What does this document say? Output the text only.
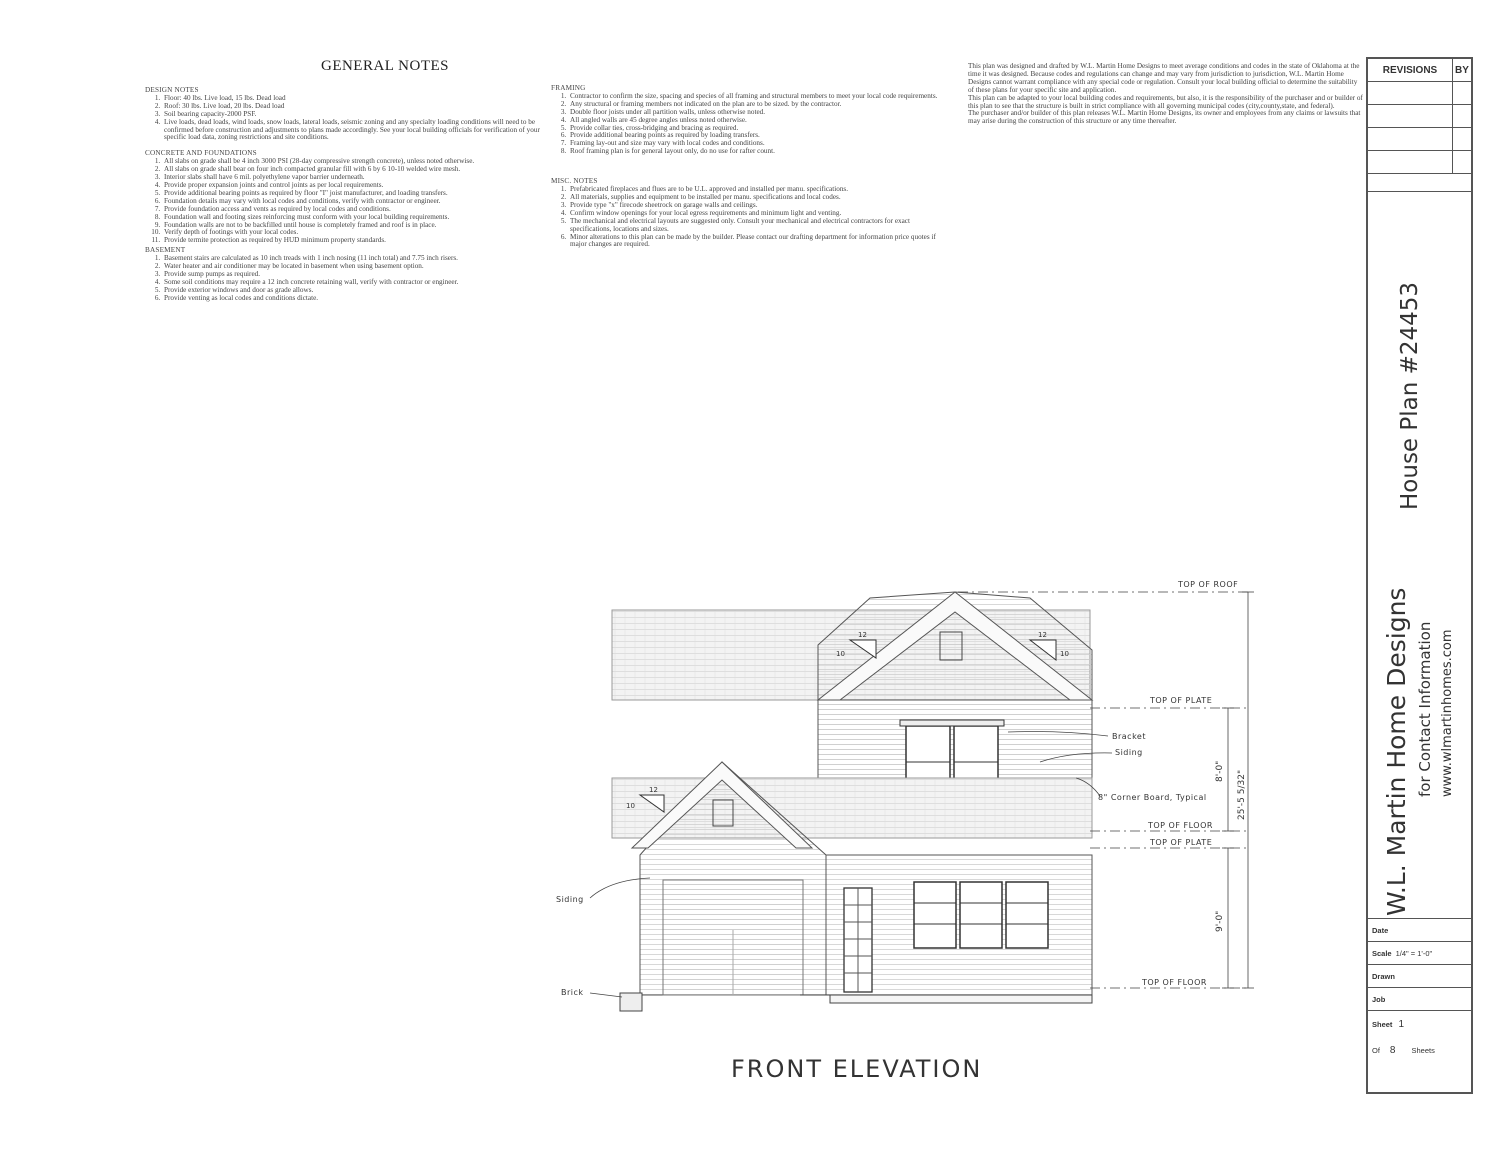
GENERAL NOTES
DESIGN NOTES
1. Floor: 40 lbs. Live load, 15 lbs. Dead load
2. Roof: 30 lbs. Live load, 20 lbs. Dead load
3. Soil bearing capacity-2000 PSF.
4. Live loads, dead loads, wind loads, snow loads, lateral loads, seismic zoning and any specialty loading conditions will need to be confirmed before construction and adjustments to plans made accordingly. See your local building officials for verification of your specific load data, zoning restrictions and site conditions.
CONCRETE AND FOUNDATIONS
1. All slabs on grade shall be 4 inch 3000 PSI (28-day compressive strength concrete), unless noted otherwise.
2. All slabs on grade shall bear on four inch compacted granular fill with 6 by 6 10-10 welded wire mesh.
3. Interior slabs shall have 6 mil. polyethylene vapor barrier underneath.
4. Provide proper expansion joints and control joints as per local requirements.
5. Provide additional bearing points as required by floor "I" joist manufacturer, and loading transfers.
6. Foundation details may vary with local codes and conditions, verify with contractor or engineer.
7. Provide foundation access and vents as required by local codes and conditions.
8. Foundation wall and footing sizes reinforcing must conform with your local building requirements.
9. Foundation walls are not to be backfilled until house is completely framed and roof is in place.
10. Verify depth of footings with your local codes.
11. Provide termite protection as required by HUD minimum property standards.
BASEMENT
1. Basement stairs are calculated as 10 inch treads with 1 inch nosing (11 inch total) and 7.75 inch risers.
2. Water heater and air conditioner may be located in basement when using basement option.
3. Provide sump pumps as required.
4. Some soil conditions may require a 12 inch concrete retaining wall, verify with contractor or engineer.
5. Provide exterior windows and door as grade allows.
6. Provide venting as local codes and conditions dictate.
FRAMING
1. Contractor to confirm the size, spacing and species of all framing and structural members to meet your local code requirements.
2. Any structural or framing members not indicated on the plan are to be sized. by the contractor.
3. Double floor joists under all partition walls, unless otherwise noted.
4. All angled walls are 45 degree angles unless noted otherwise.
5. Provide collar ties, cross-bridging and bracing as required.
6. Provide additional bearing points as required by loading transfers.
7. Framing lay-out and size may vary with local codes and conditions.
8. Roof framing plan is for general layout only, do no use for rafter count.
MISC. NOTES
1. Prefabricated fireplaces and flues are to be U.L. approved and installed per manu. specifications.
2. All materials, supplies and equipment to be installed per manu. specifications and local codes.
3. Provide type "x" firecode sheetrock on garage walls and ceilings.
4. Confirm window openings for your local egress requirements and minimum light and venting.
5. The mechanical and electrical layouts are suggested only. Consult your mechanical and electrical contractors for exact specifications, locations and sizes.
6. Minor alterations to this plan can be made by the builder. Please contact our drafting department for information price quotes if major changes are required.

This plan was designed and drafted by W.L. Martin Home Designs to meet average conditions and codes in the state of Oklahoma at the time it was designed. Because codes and regulations can change and may vary from jurisdiction to jurisdiction, W.L. Martin Home Designs cannot warrant compliance with any special code or regulation. Consult your local building official to determine the suitability of these plans for your specific site and application.

This plan can be adapted to your local building codes and requirements, but also, it is the responsibility of the purchaser and or builder of this plan to see that the structure is built in strict compliance with all governing municipal codes (city,county,state, and federal).

The purchaser and/or builder of this plan releases W.L. Martin Home Designs, its owner and employees from any claims or lawsuits that may arise during the construction of this structure or any time thereafter.

REVISIONS	BY
House Plan #24453
W.L. Martin Home Designs for Contact Information www.wlmartinhomes.com
Date
Scale 1/4" = 1'-0"
Drawn
Job
Sheet 1
Of 8 Sheets
12
10
12
10
12
10
TOP OF ROOF
TOP OF PLATE
TOP OF FLOOR
TOP OF PLATE
TOP OF FLOOR
Bracket
Siding
8" Corner Board, Typical
Siding
Brick
8'-0" 25'-5 5/32"
9'-0"
FRONT ELEVATION
